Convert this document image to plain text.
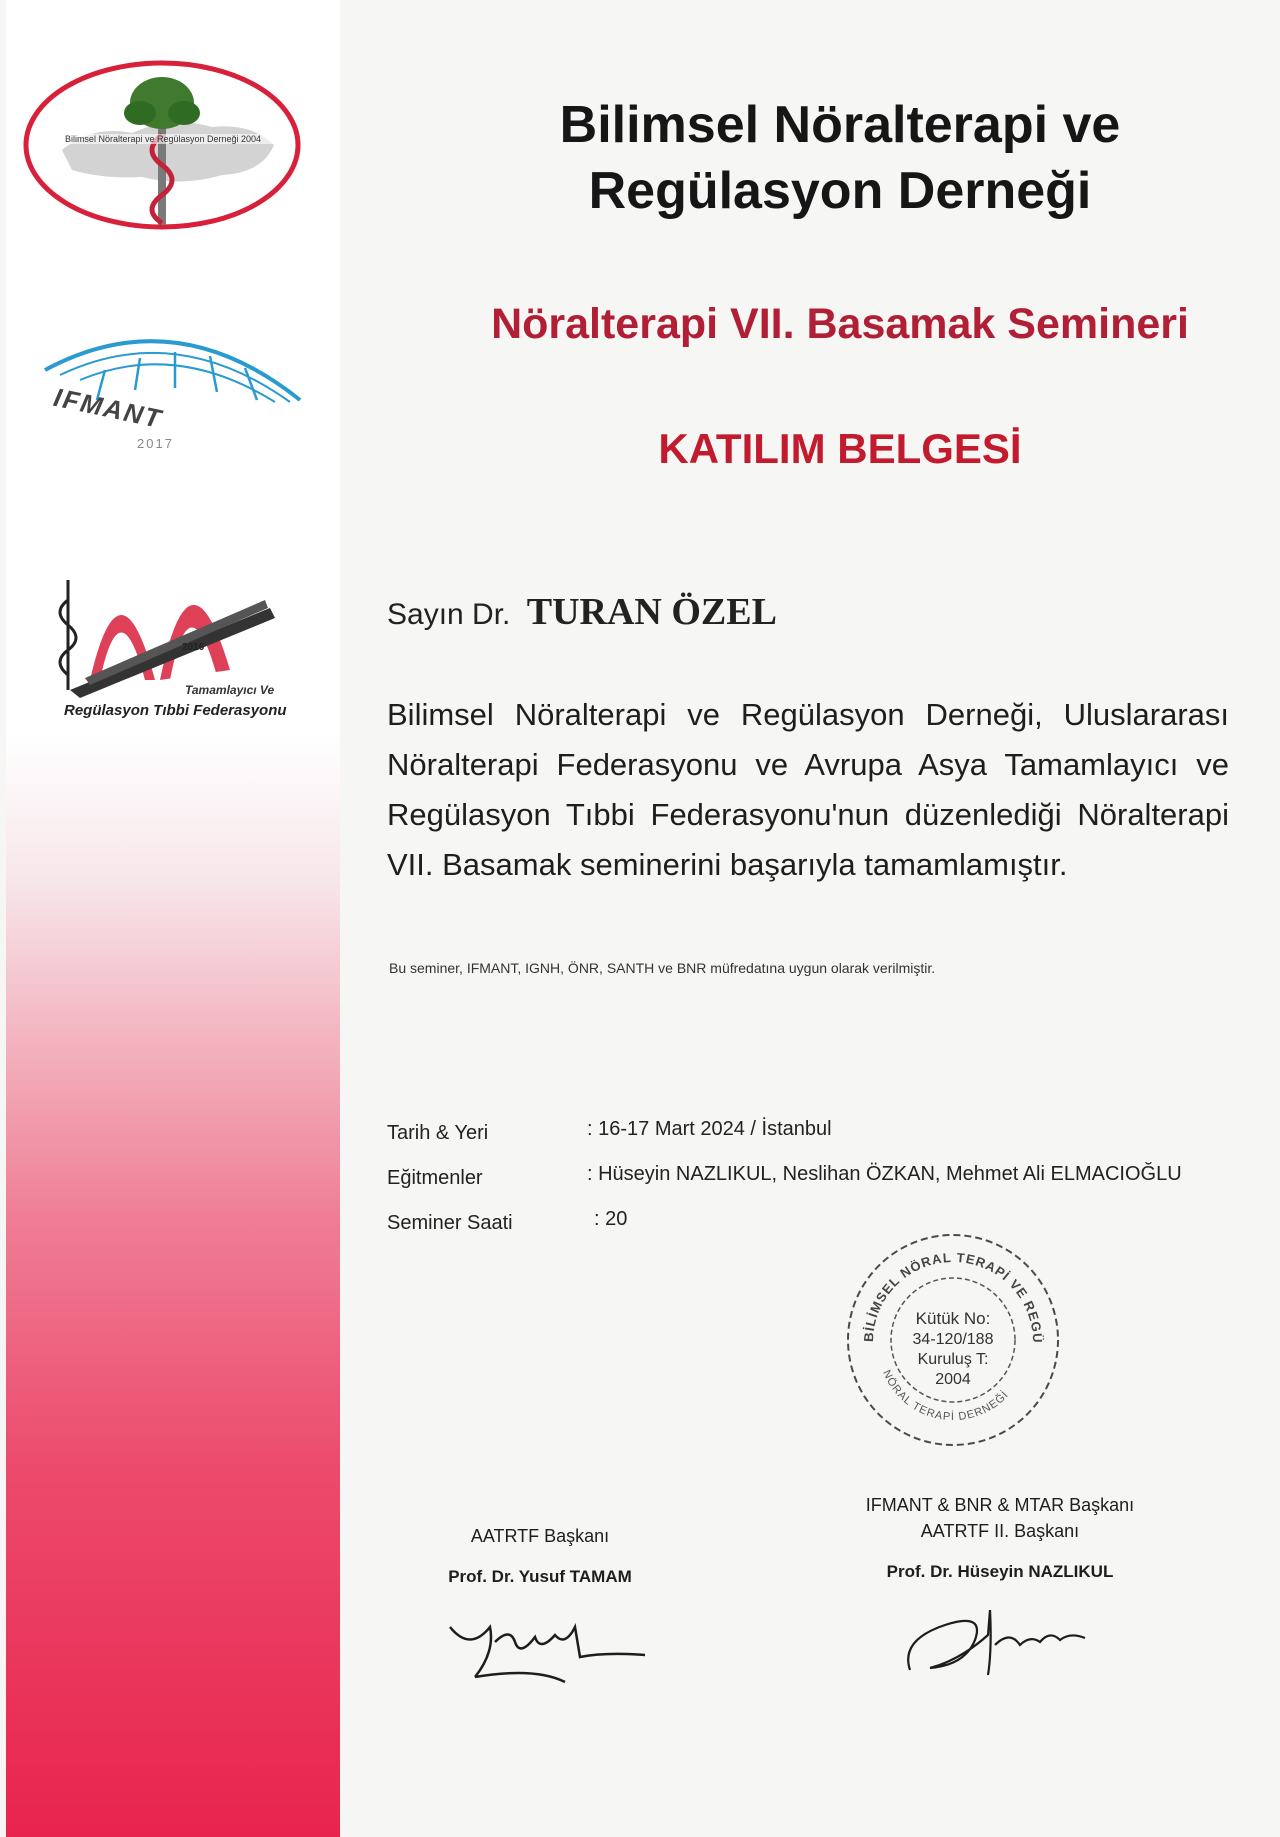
Bilimsel Nöralterapi ve Regülasyon Derneği 2004
IFMANT
2017
2016
Tamamlayıcı Ve
Regülasyon Tıbbi Federasyonu
Bilimsel Nöralterapi ve
Regülasyon Derneği
Nöralterapi VII. Basamak Semineri
KATILIM BELGESİ
Sayın Dr. TURAN ÖZEL
Bilimsel Nöralterapi ve Regülasyon Derneği, Uluslararası Nöralterapi Federasyonu ve Avrupa Asya Tamamlayıcı ve Regülasyon Tıbbi Federasyonu'nun düzenlediği Nöralterapi VII. Basamak seminerini başarıyla tamamlamıştır.
Bu seminer, IFMANT, IGNH, ÖNR, SANTH ve BNR müfredatına uygun olarak verilmiştir.
Tarih & Yeri	: 16-17 Mart 2024 / İstanbul
Eğitmenler	: Hüseyin NAZLIKUL, Neslihan ÖZKAN, Mehmet Ali ELMACIOĞLU
Seminer Saati	: 20
BİLİMSEL NÖRAL TERAPİ VE REGÜ
NÖRAL TERAPİ DERNEĞİ
Kütük No:
34-120/188
Kuruluş T:
2004
AATRTF Başkanı
Prof. Dr. Yusuf TAMAM
IFMANT & BNR & MTAR Başkanı
AATRTF II. Başkanı
Prof. Dr. Hüseyin NAZLIKUL
